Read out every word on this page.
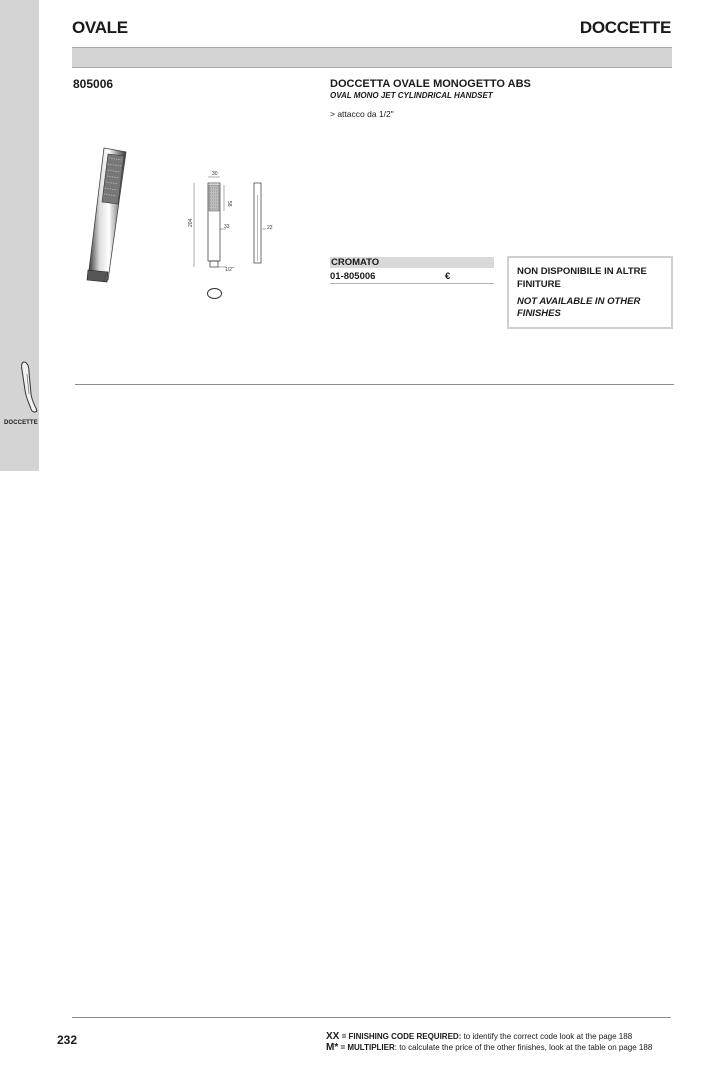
DOCCETTE
OVALE	DOCCETTE
805006	DOCCETTA OVALE MONOGETTO ABS
OVAL MONO JET CYLINDRICAL HANDSET
> attacco da 1/2"
30
58
204	33
1/2"
22
CROMATO
01-805006	€	NON DISPONIBILE IN ALTRE FINITURE
NOT AVAILABLE IN OTHER FINISHES
232	XX = FINISHING CODE REQUIRED: to identify the correct code look at the page 188
M* = MULTIPLIER: to calculate the price of the other finishes, look at the table on page 188
